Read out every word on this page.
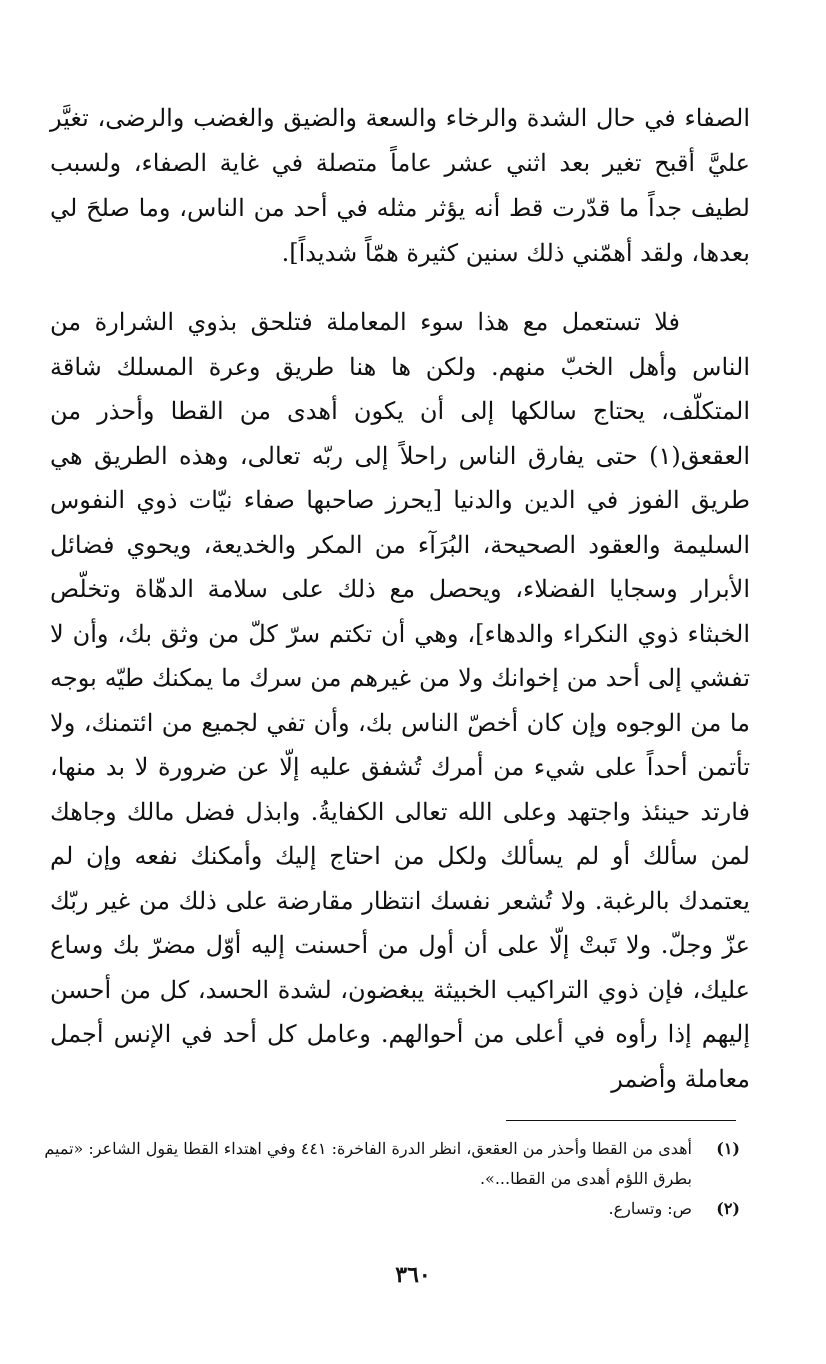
الصفاء في حال الشدة والرخاء والسعة والضيق والغضب والرضى، تغيَّر عليَّ أقبح تغير بعد اثني عشر عاماً متصلة في غاية الصفاء، ولسبب لطيف جداً ما قدّرت قط أنه يؤثر مثله في أحد من الناس، وما صلحَ لي بعدها، ولقد أهمّني ذلك سنين كثيرة همّاً شديداً].

فلا تستعمل مع هذا سوء المعاملة فتلحق بذوي الشرارة من الناس وأهل الخبّ منهم. ولكن ها هنا طريق وعرة المسلك شاقة المتكلّف، يحتاج سالكها إلى أن يكون أهدى من القطا وأحذر من العقعق(١) حتى يفارق الناس راحلاً إلى ربّه تعالى، وهذه الطريق هي طريق الفوز في الدين والدنيا [يحرز صاحبها صفاء نيّات ذوي النفوس السليمة والعقود الصحيحة، البُرَآء من المكر والخديعة، ويحوي فضائل الأبرار وسجايا الفضلاء، ويحصل مع ذلك على سلامة الدهّاة وتخلّص الخبثاء ذوي النكراء والدهاء]، وهي أن تكتم سرّ كلّ من وثق بك، وأن لا تفشي إلى أحد من إخوانك ولا من غيرهم من سرك ما يمكنك طيّه بوجه ما من الوجوه وإن كان أخصّ الناس بك، وأن تفي لجميع من ائتمنك، ولا تأتمن أحداً على شيء من أمرك تُشفق عليه إلّا عن ضرورة لا بد منها، فارتد حينئذ واجتهد وعلى الله تعالى الكفايةُ. وابذل فضل مالك وجاهك لمن سألك أو لم يسألك ولكل من احتاج إليك وأمكنك نفعه وإن لم يعتمدك بالرغبة. ولا تُشعر نفسك انتظار مقارضة على ذلك من غير ربّك عزّ وجلّ. ولا تَبتْ إلّا على أن أول من أحسنت إليه أوّل مضرّ بك وساع عليك، فإن ذوي التراكيب الخبيثة يبغضون، لشدة الحسد، كل من أحسن إليهم إذا رأوه في أعلى من أحوالهم. وعامل كل أحد في الإنس أجمل معاملة وأضمر

(١)
أهدى من القطا وأحذر من العقعق، انظر الدرة الفاخرة: ٤٤١ وفي اهتداء القطا يقول الشاعر: «تميم بطرق اللؤم أهدى من القطا...».
(٢)
ص: وتسارع.
٣٦٠
